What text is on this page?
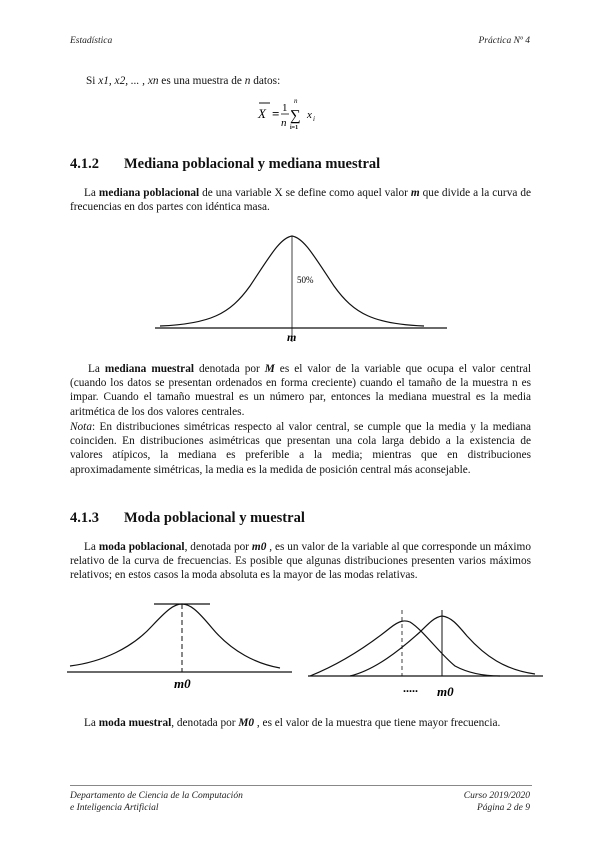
Estadística	Práctica Nº 4
Si x1, x2, ... , xn es una muestra de n datos:
X = 1
n
n
∑
i=1
x i
4.1.2 Mediana poblacional y mediana muestral
La mediana poblacional de una variable X se define como aquel valor m que divide a la curva de frecuencias en dos partes con idéntica masa.
50%
m
La mediana muestral denotada por M es el valor de la variable que ocupa el valor central (cuando los datos se presentan ordenados en forma creciente) cuando el tamaño de la muestra n es impar. Cuando el tamaño muestral es un número par, entonces la mediana muestral es la media aritmética de los dos valores centrales.
Nota: En distribuciones simétricas respecto al valor central, se cumple que la media y la mediana coinciden. En distribuciones asimétricas que presentan una cola larga debido a la existencia de valores atípicos, la mediana es preferible a la media; mientras que en distribuciones aproximadamente simétricas, la media es la medida de posición central más aconsejable.
4.1.3 Moda poblacional y muestral
La moda poblacional, denotada por m0 , es un valor de la variable al que corresponde un máximo relativo de la curva de frecuencias. Es posible que algunas distribuciones presenten varios máximos relativos; en estos casos la moda absoluta es la mayor de las modas relativas.
m0	..... m0
La moda muestral, denotada por M0 , es el valor de la muestra que tiene mayor frecuencia.
Departamento de Ciencia de la Computación
e Inteligencia Artificial
Curso 2019/2020
Página 2 de 9
